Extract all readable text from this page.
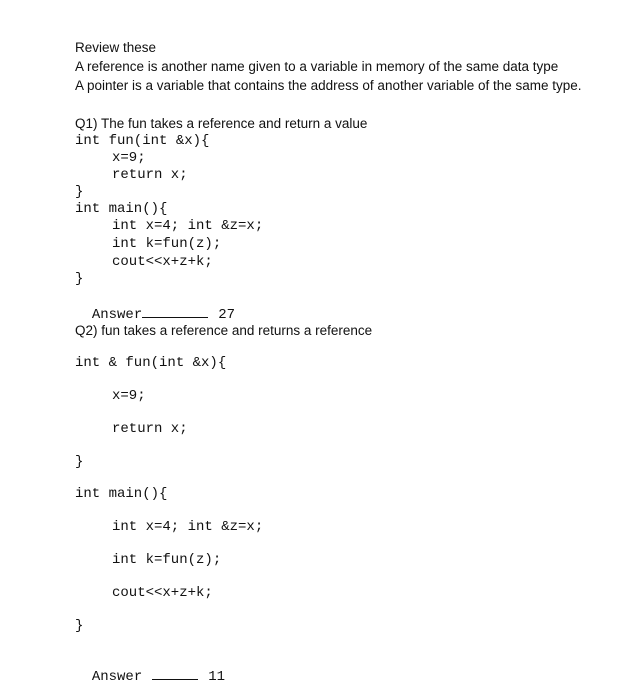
Review these

A reference is another name given to a variable in memory of the same data type

A pointer is a variable that contains the address of another variable of the same type.

Q1) The fun takes a reference and return a value

int fun(int &x){
x=9;
return x;
}
int main(){
int x=4; int &z=x;
int k=fun(z);
cout<<x+z+k;
}

Answer	27

Q2) fun takes a reference and returns a reference

int & fun(int &x){
x=9;
return x;
}
int main(){
int x=4; int &z=x;
int k=fun(z);
cout<<x+z+k;
}

Answer	11
